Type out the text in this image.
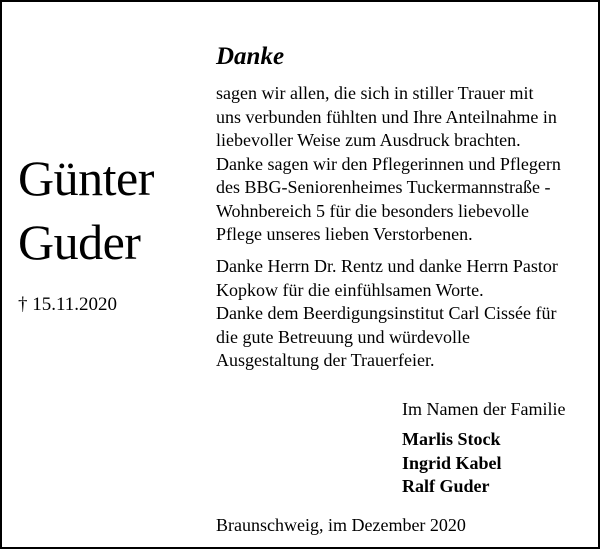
Günter
Guder
† 15.11.2020
Danke
sagen wir allen, die sich in stiller Trauer mit
uns verbunden fühlten und Ihre Anteilnahme in
liebevoller Weise zum Ausdruck brachten.
Danke sagen wir den Pflegerinnen und Pflegern
des BBG-Seniorenheimes Tuckermannstraße -
Wohnbereich 5 für die besonders liebevolle
Pflege unseres lieben Verstorbenen.
Danke Herrn Dr. Rentz und danke Herrn Pastor
Kopkow für die einfühlsamen Worte.
Danke dem Beerdigungsinstitut Carl Cissée für
die gute Betreuung und würdevolle
Ausgestaltung der Trauerfeier.
Im Namen der Familie
Marlis Stock
Ingrid Kabel
Ralf Guder
Braunschweig, im Dezember 2020
